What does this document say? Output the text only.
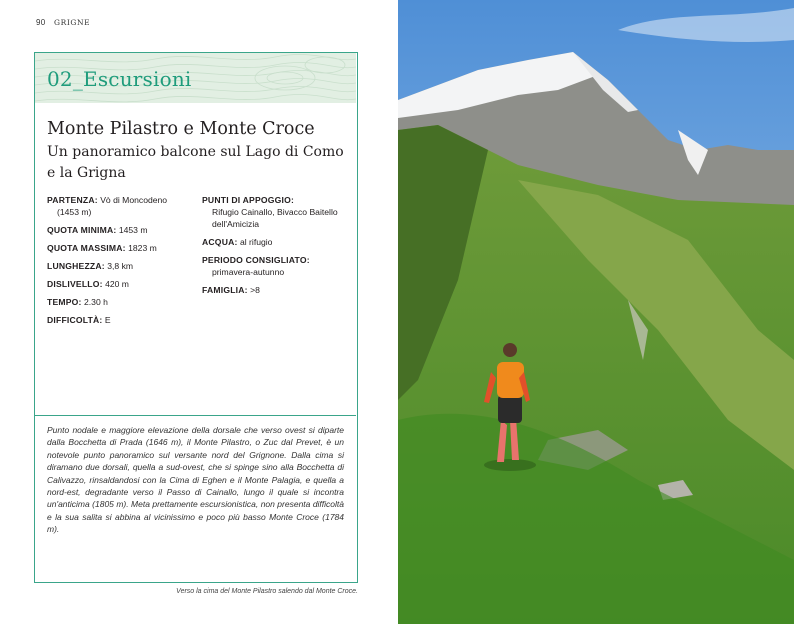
90 GRIGNE
02_Escursioni
Monte Pilastro e Monte Croce
Un panoramico balcone sul Lago di Como e la Grigna
PARTENZA: Vò di Moncodeno
(1453 m)
QUOTA MINIMA: 1453 m
QUOTA MASSIMA: 1823 m
LUNGHEZZA: 3,8 km
DISLIVELLO: 420 m
TEMPO: 2.30 h
DIFFICOLTÀ: E
PUNTI DI APPOGGIO:
Rifugio Cainallo, Bivacco Baitello
dell'Amicizia
ACQUA: al rifugio
PERIODO CONSIGLIATO:
primavera-autunno
FAMIGLIA: >8
Punto nodale e maggiore elevazione della dorsale che verso ovest si diparte dalla Bocchetta di Prada (1646 m), il Monte Pilastro, o Zuc dal Prevet, è un notevole punto panoramico sul versante nord del Grignone. Dalla cima si diramano due dorsali, quella a sud-ovest, che si spinge sino alla Bocchetta di Calivazzo, rinsaldandosi con la Cima di Eghen e il Monte Palagia, e quella a nord-est, degradante verso il Passo di Cainallo, lungo il quale si incontra un'anticima (1805 m). Meta prettamente escursionistica, non presenta difficoltà e la sua salita si abbina al vicinissimo e poco più basso Monte Croce (1784 m).
Verso la cima del Monte Pilastro salendo dal Monte Croce.
